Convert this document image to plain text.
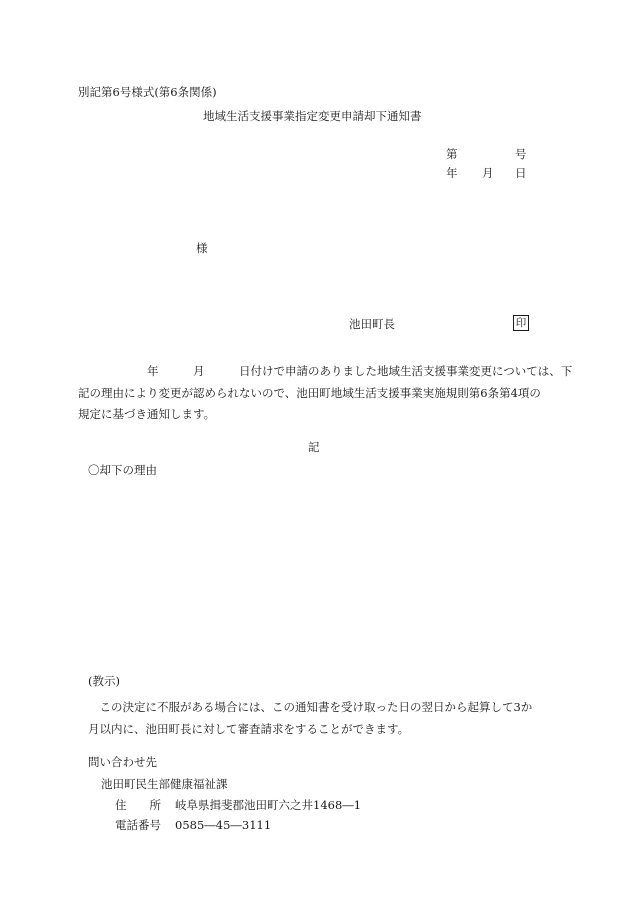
別記第6号様式(第6条関係)
地域生活支援事業指定変更申請却下通知書
第	号
年 月 日
様
池田町長	印
　　　　　　年　　　月　　　日付けで申請のありました地域生活支援事業変更については、下
記の理由により変更が認められないので、池田町地域生活支援事業実施規則第6条第4項の
規定に基づき通知します。
記
〇却下の理由
(教示)
　この決定に不服がある場合には、この通知書を受け取った日の翌日から起算して3か
月以内に、池田町長に対して審査請求をすることができます。
問い合わせ先
池田町民生部健康福祉課
住　　所 岐阜県揖斐郡池田町六之井1468―1
電話番号 0585―45―3111
